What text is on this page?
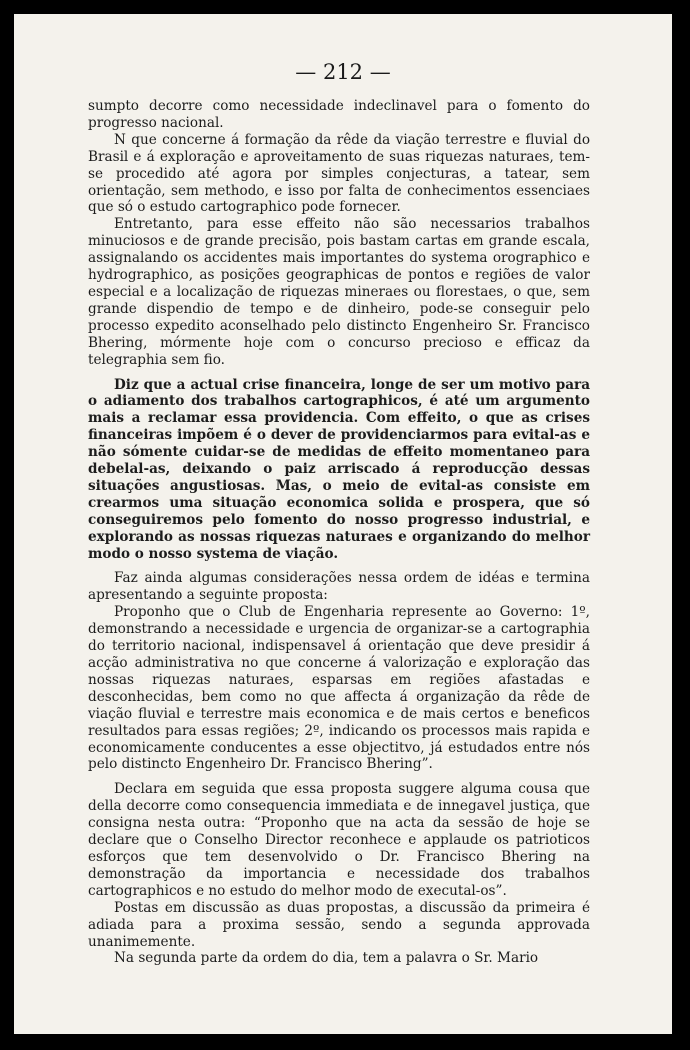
— 212 —

sumpto decorre como necessidade indeclinavel para o fomento do progresso nacional.

N que concerne á formação da rêde da viação terrestre e fluvial do Brasil e á exploração e aproveitamento de suas riquezas naturaes, tem-se procedido até agora por simples conjecturas, a tatear, sem orientação, sem methodo, e isso por falta de conhecimentos essenciaes que só o estudo cartographico pode fornecer.

Entretanto, para esse effeito não são necessarios trabalhos minuciosos e de grande precisão, pois bastam cartas em grande escala, assignalando os accidentes mais importantes do systema orographico e hydrographico, as posições geographicas de pontos e regiões de valor especial e a localização de riquezas mineraes ou florestaes, o que, sem grande dispendio de tempo e de dinheiro, pode-se conseguir pelo processo expedito aconselhado pelo distincto Engenheiro Sr. Francisco Bhering, mórmente hoje com o concurso precioso e efficaz da telegraphia sem fio.

Diz que a actual crise financeira, longe de ser um motivo para o adiamento dos trabalhos cartographicos, é até um argumento mais a reclamar essa providencia. Com effeito, o que as crises financeiras impõem é o dever de providenciarmos para evital-as e não sómente cuidar-se de medidas de effeito momentaneo para debelal-as, deixando o paiz arriscado á reproducção dessas situações angustiosas. Mas, o meio de evital-as consiste em crearmos uma situação economica solida e prospera, que só conseguiremos pelo fomento do nosso progresso industrial, e explorando as nossas riquezas naturaes e organizando do melhor modo o nosso systema de viação.

Faz ainda algumas considerações nessa ordem de idéas e termina apresentando a seguinte proposta:

Proponho que o Club de Engenharia represente ao Governo: 1º, demonstrando a necessidade e urgencia de organizar-se a cartographia do territorio nacional, indispensavel á orientação que deve presidir á acção administrativa no que concerne á valorização e exploração das nossas riquezas naturaes, esparsas em regiões afastadas e desconhecidas, bem como no que affecta á organização da rêde de viação fluvial e terrestre mais economica e de mais certos e beneficos resultados para essas regiões; 2º, indicando os processos mais rapida e economicamente conducentes a esse objectitvo, já estudados entre nós pelo distincto Engenheiro Dr. Francisco Bhering”.

Declara em seguida que essa proposta suggere alguma cousa que della decorre como consequencia immediata e de innegavel justiça, que consigna nesta outra: “Proponho que na acta da sessão de hoje se declare que o Conselho Director reconhece e applaude os patrioticos esforços que tem desenvolvido o Dr. Francisco Bhering na demonstração da importancia e necessidade dos trabalhos cartographicos e no estudo do melhor modo de executal-os”.

Postas em discussão as duas propostas, a discussão da primeira é adiada para a proxima sessão, sendo a segunda approvada unanimemente.

Na segunda parte da ordem do dia, tem a palavra o Sr. Mario
